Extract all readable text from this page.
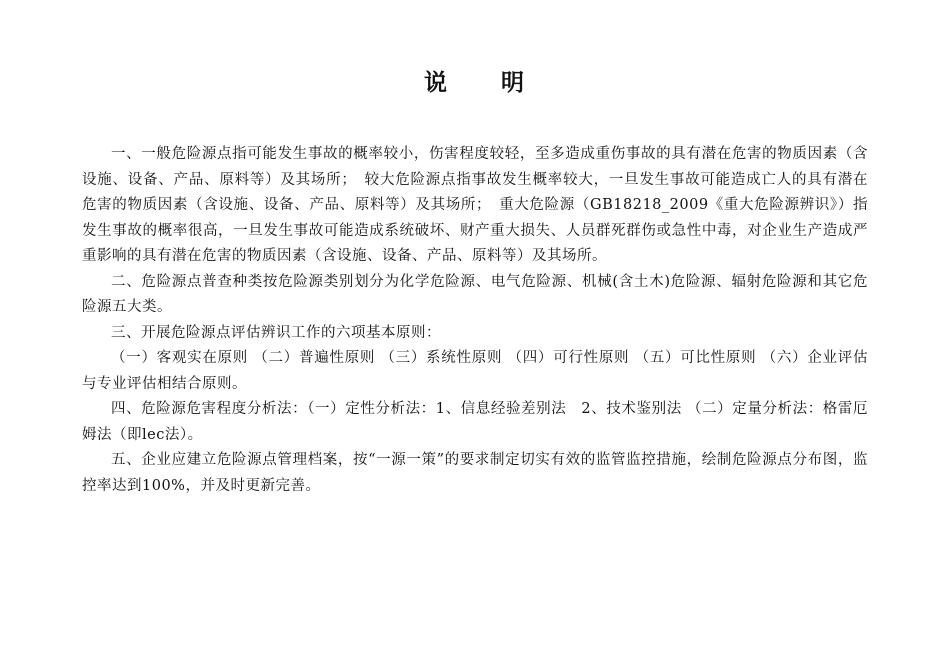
说  明

一、一般危险源点指可能发生事故的概率较小，伤害程度较轻，至多造成重伤事故的具有潜在危害的物质因素（含设施、设备、产品、原料等）及其场所；　较大危险源点指事故发生概率较大，一旦发生事故可能造成亡人的具有潜在危害的物质因素（含设施、设备、产品、原料等）及其场所；　重大危险源（GB18218_2009《重大危险源辨识》）指发生事故的概率很高，一旦发生事故可能造成系统破坏、财产重大损失、人员群死群伤或急性中毒，对企业生产造成严重影响的具有潜在危害的物质因素（含设施、设备、产品、原料等）及其场所。

二、危险源点普查种类按危险源类别划分为化学危险源、电气危险源、机械(含土木)危险源、辐射危险源和其它危险源五大类。

三、开展危险源点评估辨识工作的六项基本原则：

（一）客观实在原则 （二）普遍性原则 （三）系统性原则 （四）可行性原则 （五）可比性原则 （六）企业评估与专业评估相结合原则。

四、危险源危害程度分析法：（一）定性分析法：1、信息经验差别法　2、技术鉴别法 （二）定量分析法：格雷厄姆法（即lec法）。

五、企业应建立危险源点管理档案，按“一源一策”的要求制定切实有效的监管监控措施，绘制危险源点分布图，监控率达到100%，并及时更新完善。
